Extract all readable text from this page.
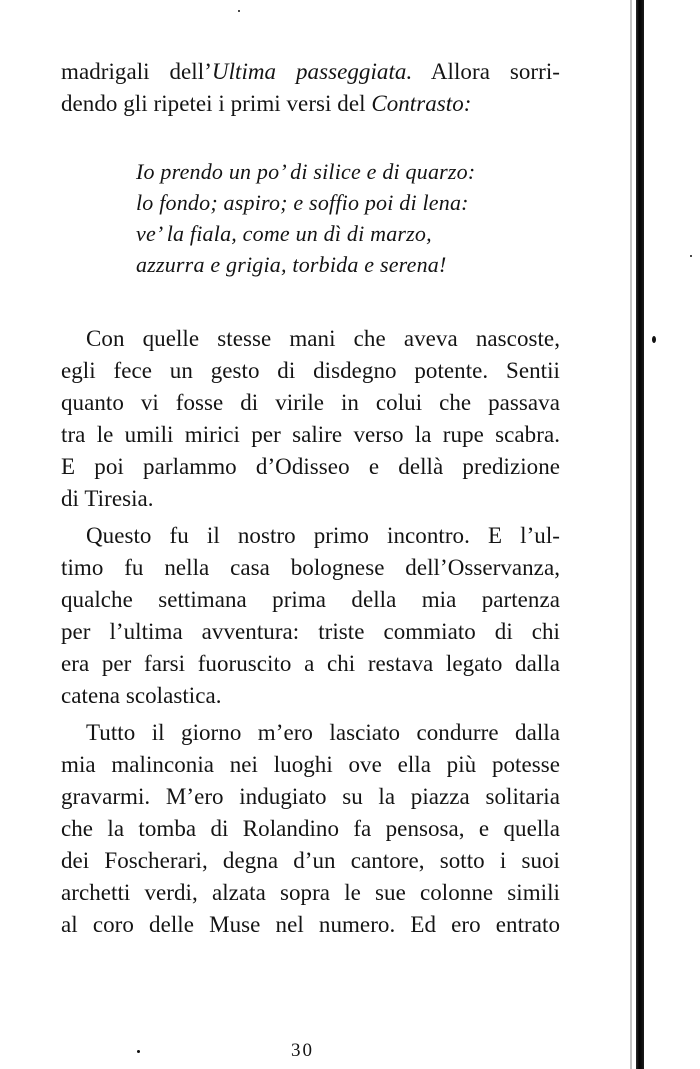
madrigali dell’Ultima passeggiata. Allora sorri-
dendo gli ripetei i primi versi del Contrasto:
Io prendo un po’ di silice e di quarzo:
lo fondo; aspiro; e soffio poi di lena:
ve’ la fiala, come un dì di marzo,
azzurra e grigia, torbida e serena!
Con quelle stesse mani che aveva nascoste,
egli fece un gesto di disdegno potente. Sentii
quanto vi fosse di virile in colui che passava
tra le umili mirici per salire verso la rupe scabra.
E poi parlammo d’Odisseo e dellà predizione
di Tiresia.
Questo fu il nostro primo incontro. E l’ul-
timo fu nella casa bolognese dell’Osservanza,
qualche settimana prima della mia partenza
per l’ultima avventura: triste commiato di chi
era per farsi fuoruscito a chi restava legato dalla
catena scolastica.
Tutto il giorno m’ero lasciato condurre dalla
mia malinconia nei luoghi ove ella più potesse
gravarmi. M’ero indugiato su la piazza solitaria
che la tomba di Rolandino fa pensosa, e quella
dei Foscherari, degna d’un cantore, sotto i suoi
archetti verdi, alzata sopra le sue colonne simili
al coro delle Muse nel numero. Ed ero entrato
30
